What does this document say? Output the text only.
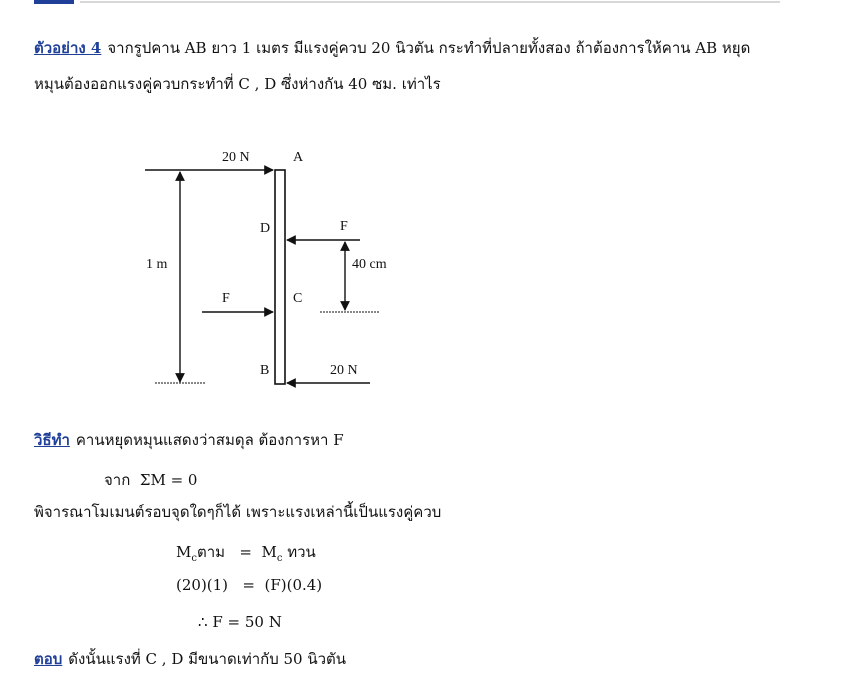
ตัวอย่าง 4 จากรูปคาน AB ยาว 1 เมตร มีแรงคู่ควบ 20 นิวตัน กระทำที่ปลายทั้งสอง ถ้าต้องการให้คาน AB หยุด
หมุนต้องออกแรงคู่ควบกระทำที่ C , D ซึ่งห่างกัน 40 ซม. เท่าไร
20 N	A
1 m
D	F
40 cm
F	C
B	20 N
วิธีทำ คานหยุดหมุนแสดงว่าสมดุล ต้องการหา F
จาก ΣM = 0
พิจารณาโมเมนต์รอบจุดใดๆก็ได้ เพราะแรงเหล่านี้เป็นแรงคู่ควบ
$M_c$ตาม = $M_c$ ทวน
(20)(1) = (F)(0.4)
∴ F = 50 N
ตอบ ดังนั้นแรงที่ C , D มีขนาดเท่ากับ 50 นิวตัน
